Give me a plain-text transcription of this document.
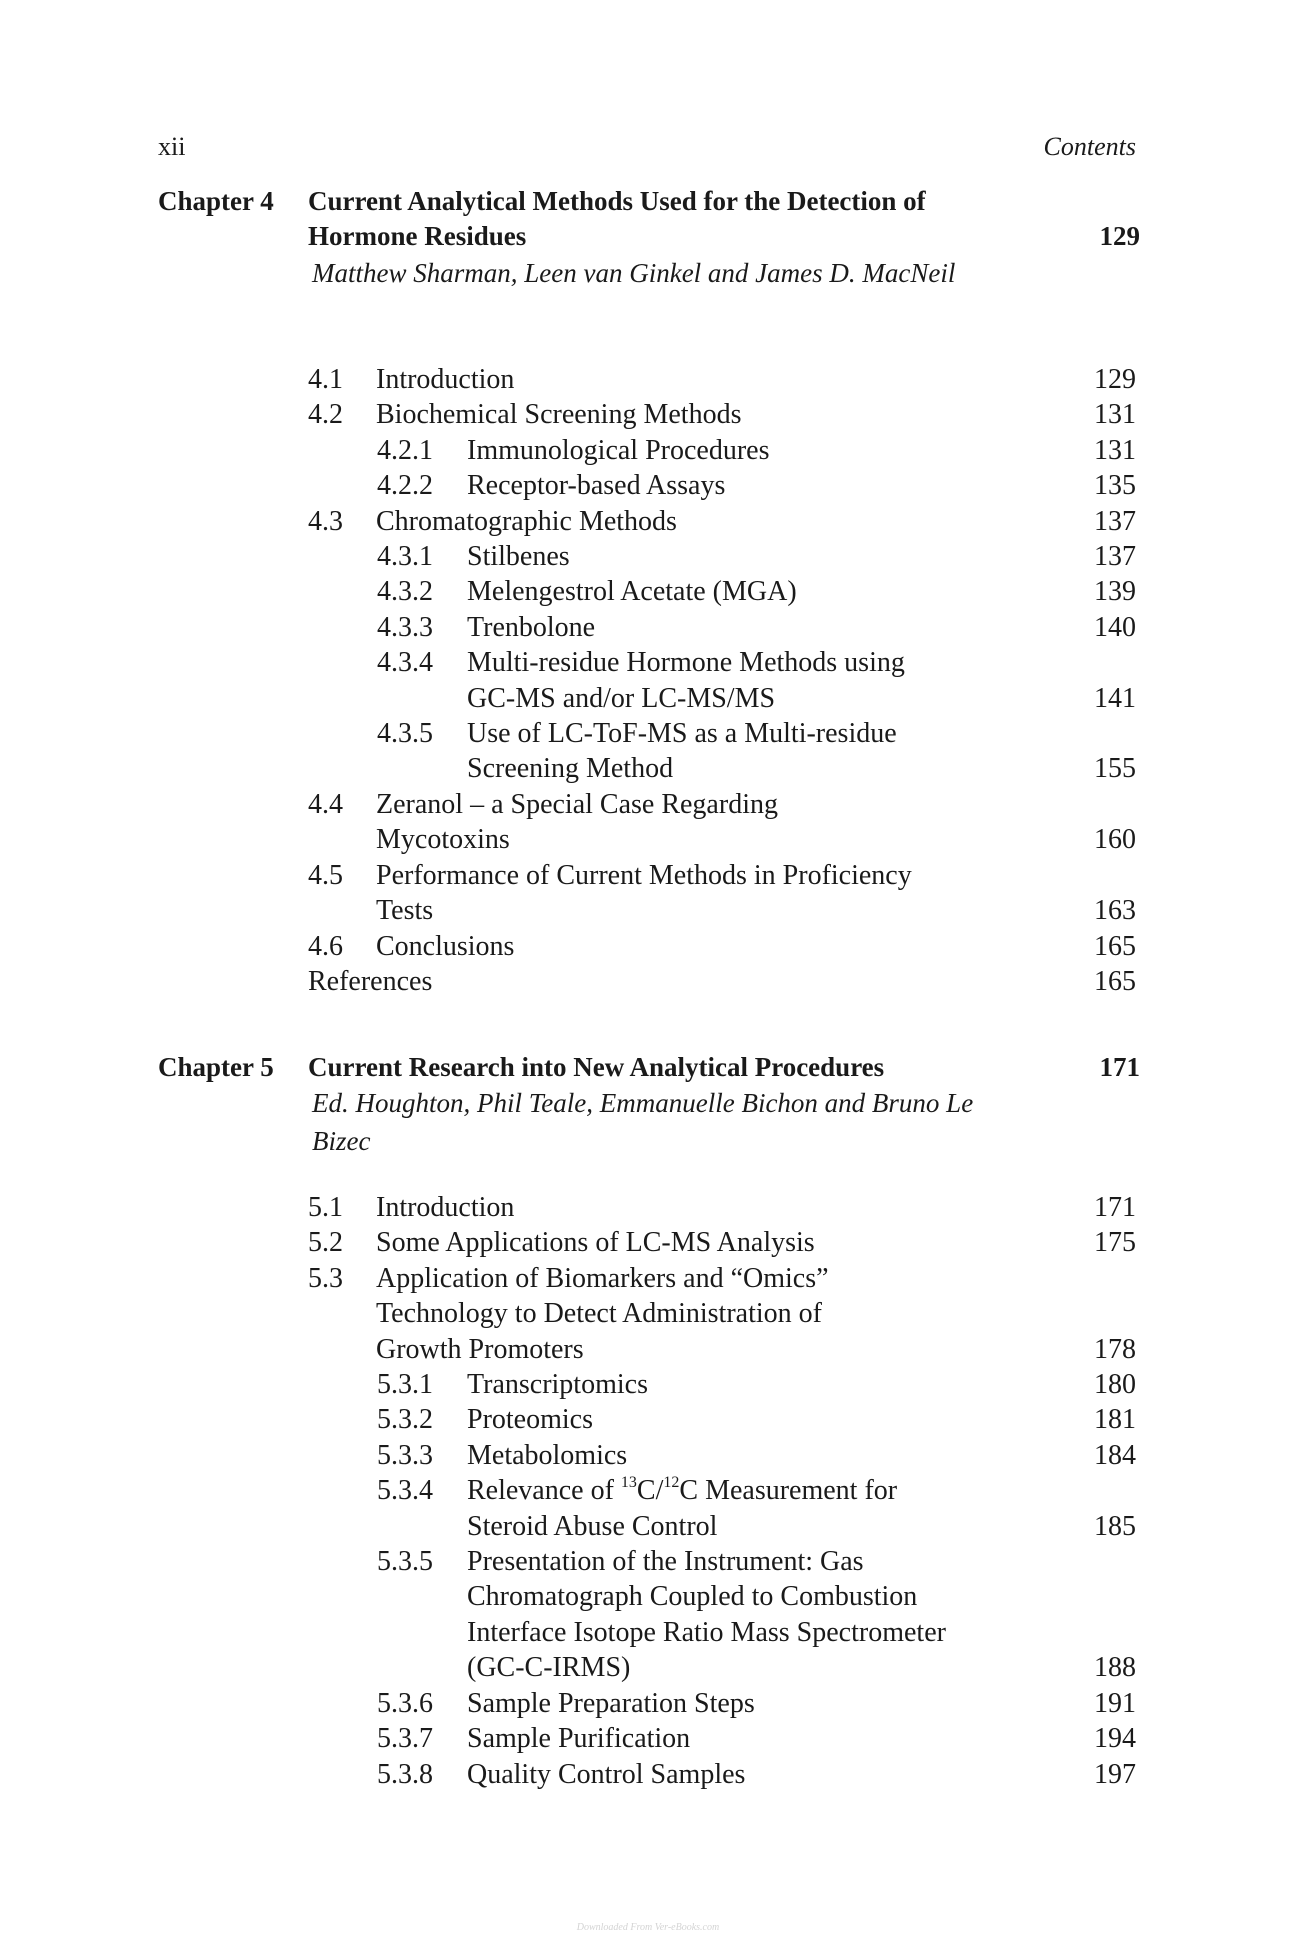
xii	Contents
Chapter 4 Current Analytical Methods Used for the Detection of Hormone Residues	129
Matthew Sharman, Leen van Ginkel and James D. MacNeil
4.1 Introduction	129
4.2 Biochemical Screening Methods	131
4.2.1 Immunological Procedures	131
4.2.2 Receptor-based Assays	135
4.3 Chromatographic Methods	137
4.3.1 Stilbenes	137
4.3.2 Melengestrol Acetate (MGA)	139
4.3.3 Trenbolone	140
4.3.4 Multi-residue Hormone Methods using
GC-MS and/or LC-MS/MS	141
4.3.5 Use of LC-ToF-MS as a Multi-residue
Screening Method	155
4.4 Zeranol – a Special Case Regarding
Mycotoxins	160
4.5 Performance of Current Methods in Proficiency
Tests	163
4.6 Conclusions	165
References	165
Chapter 5 Current Research into New Analytical Procedures	171
Ed. Houghton, Phil Teale, Emmanuelle Bichon and Bruno Le Bizec
5.1 Introduction	171
5.2 Some Applications of LC-MS Analysis	175
5.3 Application of Biomarkers and “Omics”
Technology to Detect Administration of
Growth Promoters	178
5.3.1 Transcriptomics	180
5.3.2 Proteomics	181
5.3.3 Metabolomics	184
5.3.4 Relevance of $^{13}$C/$^{12}$C Measurement for
Steroid Abuse Control	185
5.3.5 Presentation of the Instrument: Gas
Chromatograph Coupled to Combustion
Interface Isotope Ratio Mass Spectrometer
(GC-C-IRMS)	188
5.3.6 Sample Preparation Steps	191
5.3.7 Sample Purification	194
5.3.8 Quality Control Samples	197
Downloaded From Ver-eBooks.com
